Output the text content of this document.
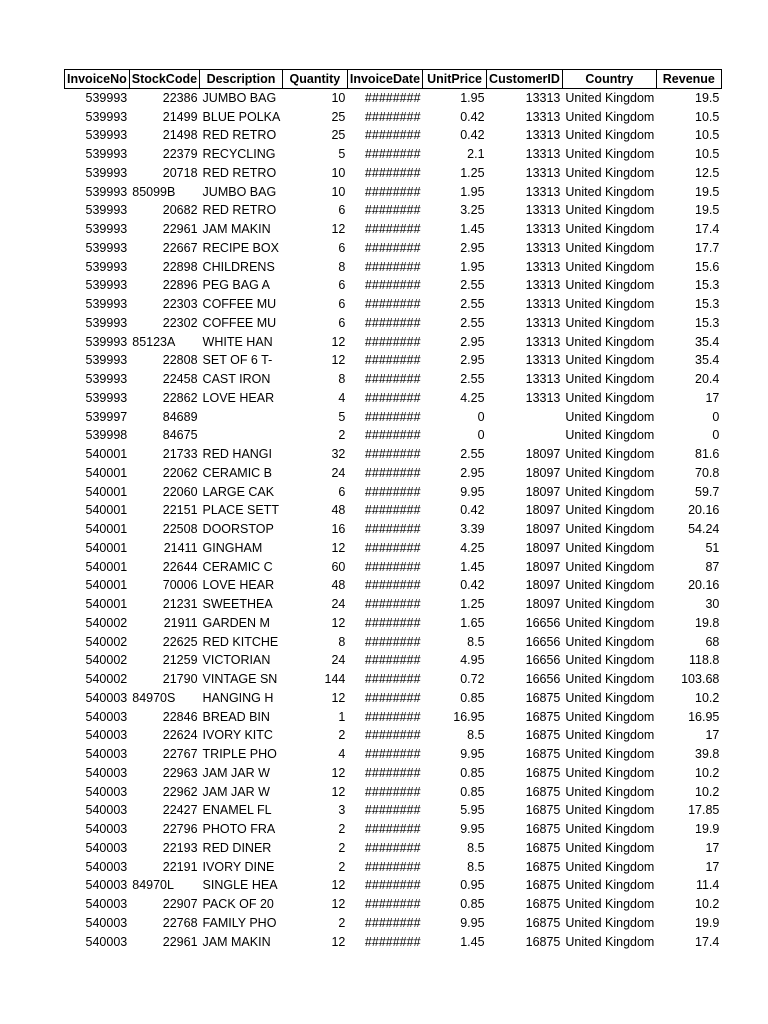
InvoiceNo	StockCode	Description	Quantity	InvoiceDate	UnitPrice	CustomerID	Country	Revenue
539993	22386	JUMBO BAG	10	########	1.95	13313	United Kingdom	19.5
539993	21499	BLUE POLKA	25	########	0.42	13313	United Kingdom	10.5
539993	21498	RED RETRO	25	########	0.42	13313	United Kingdom	10.5
539993	22379	RECYCLING	5	########	2.1	13313	United Kingdom	10.5
539993	20718	RED RETRO	10	########	1.25	13313	United Kingdom	12.5
539993	85099B	JUMBO BAG	10	########	1.95	13313	United Kingdom	19.5
539993	20682	RED RETRO	6	########	3.25	13313	United Kingdom	19.5
539993	22961	JAM MAKIN	12	########	1.45	13313	United Kingdom	17.4
539993	22667	RECIPE BOX	6	########	2.95	13313	United Kingdom	17.7
539993	22898	CHILDRENS	8	########	1.95	13313	United Kingdom	15.6
539993	22896	PEG BAG A	6	########	2.55	13313	United Kingdom	15.3
539993	22303	COFFEE MU	6	########	2.55	13313	United Kingdom	15.3
539993	22302	COFFEE MU	6	########	2.55	13313	United Kingdom	15.3
539993	85123A	WHITE HAN	12	########	2.95	13313	United Kingdom	35.4
539993	22808	SET OF 6 T-	12	########	2.95	13313	United Kingdom	35.4
539993	22458	CAST IRON	8	########	2.55	13313	United Kingdom	20.4
539993	22862	LOVE HEAR	4	########	4.25	13313	United Kingdom	17
539997	84689		5	########	0		United Kingdom	0
539998	84675		2	########	0		United Kingdom	0
540001	21733	RED HANGI	32	########	2.55	18097	United Kingdom	81.6
540001	22062	CERAMIC B	24	########	2.95	18097	United Kingdom	70.8
540001	22060	LARGE CAK	6	########	9.95	18097	United Kingdom	59.7
540001	22151	PLACE SETT	48	########	0.42	18097	United Kingdom	20.16
540001	22508	DOORSTOP	16	########	3.39	18097	United Kingdom	54.24
540001	21411	GINGHAM	12	########	4.25	18097	United Kingdom	51
540001	22644	CERAMIC C	60	########	1.45	18097	United Kingdom	87
540001	70006	LOVE HEAR	48	########	0.42	18097	United Kingdom	20.16
540001	21231	SWEETHEA	24	########	1.25	18097	United Kingdom	30
540002	21911	GARDEN M	12	########	1.65	16656	United Kingdom	19.8
540002	22625	RED KITCHE	8	########	8.5	16656	United Kingdom	68
540002	21259	VICTORIAN	24	########	4.95	16656	United Kingdom	118.8
540002	21790	VINTAGE SN	144	########	0.72	16656	United Kingdom	103.68
540003	84970S	HANGING H	12	########	0.85	16875	United Kingdom	10.2
540003	22846	BREAD BIN	1	########	16.95	16875	United Kingdom	16.95
540003	22624	IVORY KITC	2	########	8.5	16875	United Kingdom	17
540003	22767	TRIPLE PHO	4	########	9.95	16875	United Kingdom	39.8
540003	22963	JAM JAR W	12	########	0.85	16875	United Kingdom	10.2
540003	22962	JAM JAR W	12	########	0.85	16875	United Kingdom	10.2
540003	22427	ENAMEL FL	3	########	5.95	16875	United Kingdom	17.85
540003	22796	PHOTO FRA	2	########	9.95	16875	United Kingdom	19.9
540003	22193	RED DINER	2	########	8.5	16875	United Kingdom	17
540003	22191	IVORY DINE	2	########	8.5	16875	United Kingdom	17
540003	84970L	SINGLE HEA	12	########	0.95	16875	United Kingdom	11.4
540003	22907	PACK OF 20	12	########	0.85	16875	United Kingdom	10.2
540003	22768	FAMILY PHO	2	########	9.95	16875	United Kingdom	19.9
540003	22961	JAM MAKIN	12	########	1.45	16875	United Kingdom	17.4
